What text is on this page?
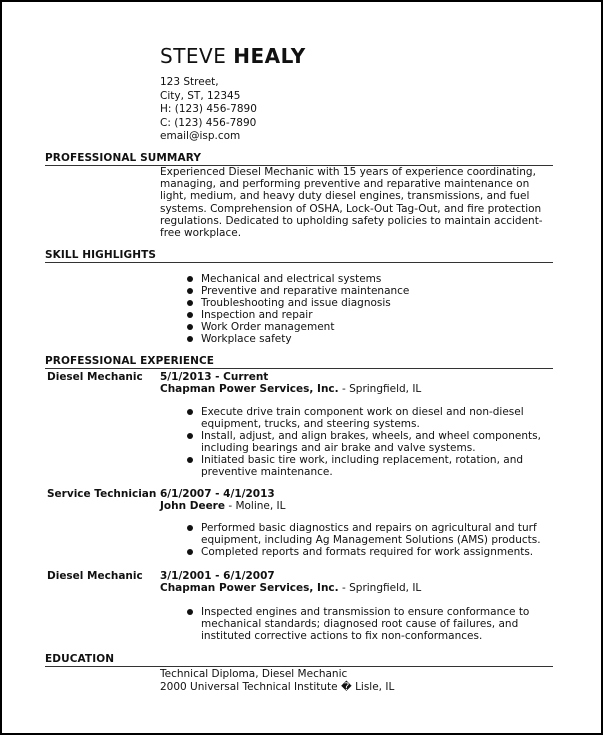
STEVE HEALY
123 Street,
City, ST, 12345
H: (123) 456-7890
C: (123) 456-7890
email@isp.com
PROFESSIONAL SUMMARY

Experienced Diesel Mechanic with 15 years of experience coordinating, managing, and performing preventive and reparative maintenance on light, medium, and heavy duty diesel engines, transmissions, and fuel systems. Comprehension of OSHA, Lock-Out Tag-Out, and fire protection regulations. Dedicated to upholding safety policies to maintain accident-free workplace.

SKILL HIGHLIGHTS
Mechanical and electrical systems
Preventive and reparative maintenance
Troubleshooting and issue diagnosis
Inspection and repair
Work Order management
Workplace safety
PROFESSIONAL EXPERIENCE
Diesel Mechanic 5/1/2013 - Current
Chapman Power Services, Inc. - Springfield, IL
Execute drive train component work on diesel and non-diesel equipment, trucks, and steering systems.
Install, adjust, and align brakes, wheels, and wheel components, including bearings and air brake and valve systems.
Initiated basic tire work, including replacement, rotation, and preventive maintenance.
Service Technician 6/1/2007 - 4/1/2013
John Deere - Moline, IL
Performed basic diagnostics and repairs on agricultural and turf equipment, including Ag Management Solutions (AMS) products.
Completed reports and formats required for work assignments.
Diesel Mechanic 3/1/2001 - 6/1/2007
Chapman Power Services, Inc. - Springfield, IL
Inspected engines and transmission to ensure conformance to mechanical standards; diagnosed root cause of failures, and instituted corrective actions to fix non-conformances.
EDUCATION
Technical Diploma, Diesel Mechanic
2000 Universal Technical Institute � Lisle, IL
